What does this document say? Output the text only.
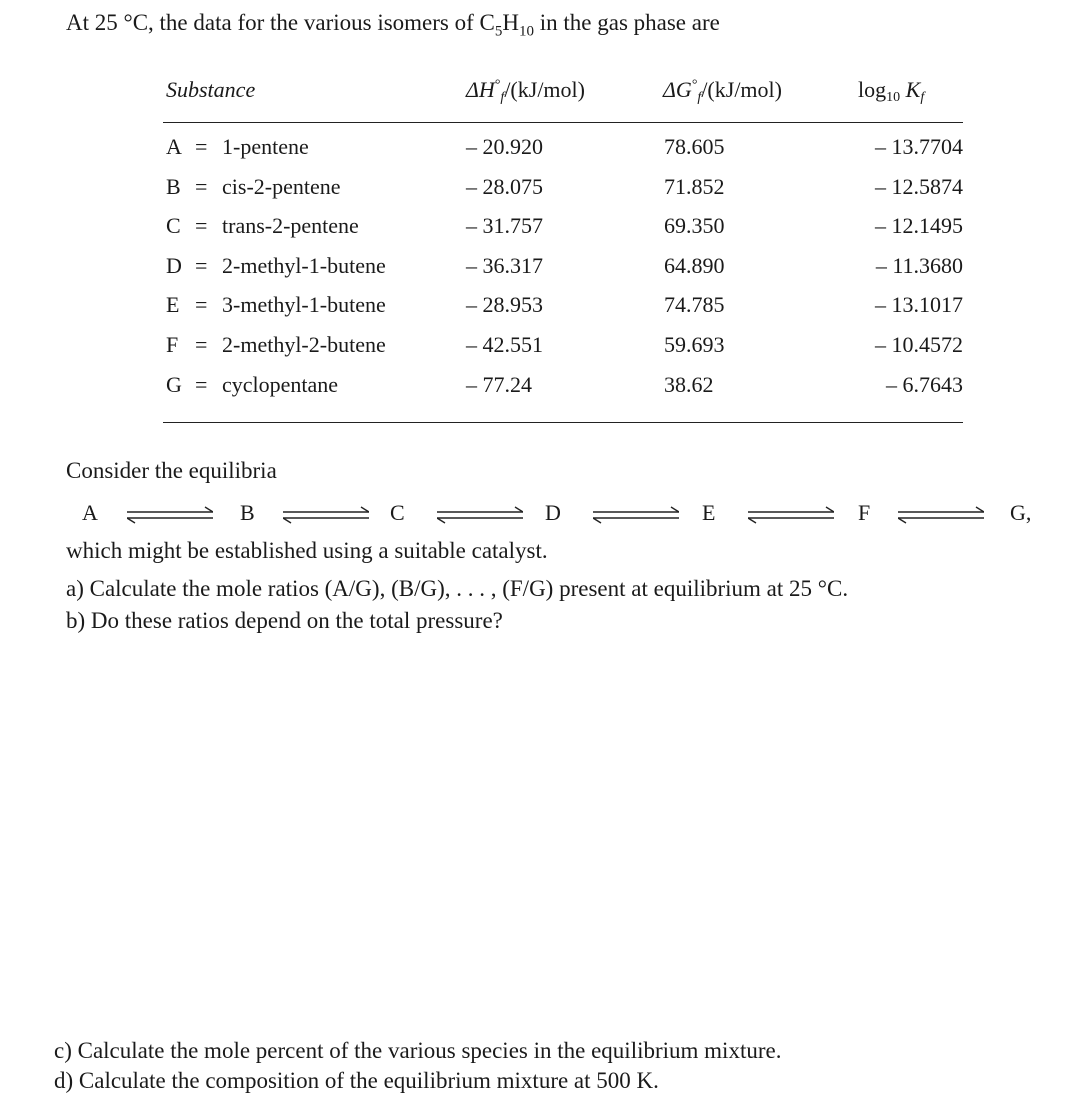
At 25 °C, the data for the various isomers of $C_5H_{10}$ in the gas phase are
Substance	$\Delta H^\circ_f/(kJ/mol)$	$\Delta G^\circ_f/(kJ/mol)$	$\log_{10} K_f$
A = 1-pentene	– 20.920	78.605	– 13.7704
B = cis-2-pentene	– 28.075	71.852	– 12.5874
C = trans-2-pentene	– 31.757	69.350	– 12.1495
D = 2-methyl-1-butene	– 36.317	64.890	– 11.3680
E = 3-methyl-1-butene	– 28.953	74.785	– 13.1017
F = 2-methyl-2-butene	– 42.551	59.693	– 10.4572
G = cyclopentane	– 77.24	38.62	– 6.7643
Consider the equilibria
A ⇌ B ⇌ C ⇌ D ⇌ E ⇌ F ⇌ G,
which might be established using a suitable catalyst.
a) Calculate the mole ratios (A/G), (B/G), . . . , (F/G) present at equilibrium at 25 °C.
b) Do these ratios depend on the total pressure?
c) Calculate the mole percent of the various species in the equilibrium mixture.
d) Calculate the composition of the equilibrium mixture at 500 K.
